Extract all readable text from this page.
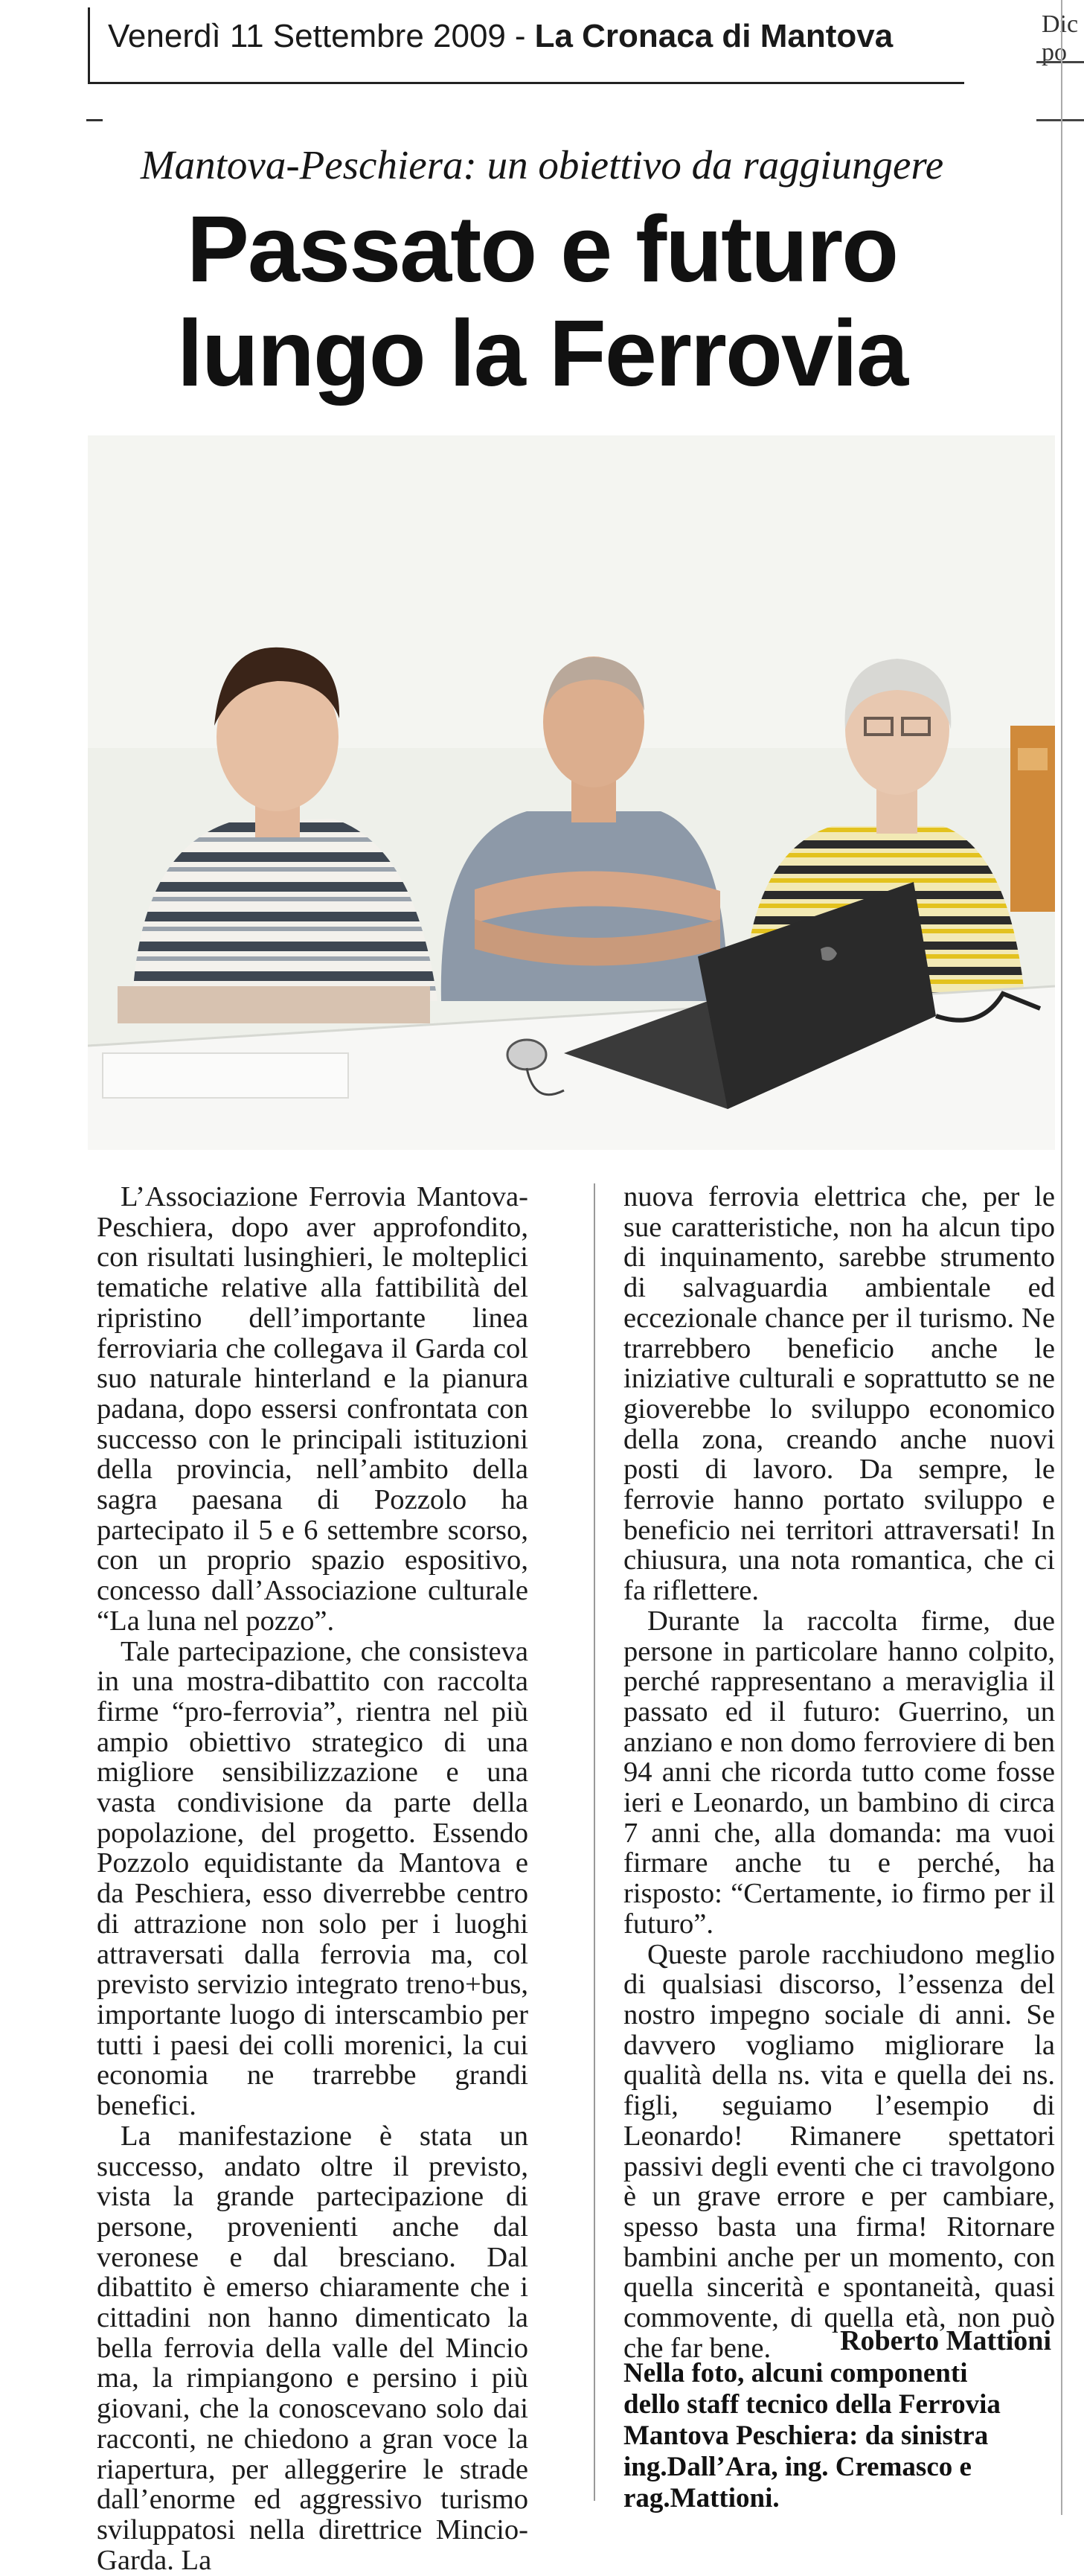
Venerdì 11 Settembre 2009 - La Cronaca di Mantova	Dic
po
Mantova-Peschiera: un obiettivo da raggiungere
Passato e futuro
lungo la Ferrovia

L’Associazione Ferrovia Mantova-Peschiera, dopo aver approfondito, con risultati lusinghieri, le molteplici tematiche relative alla fattibilità del ripristino dell’importante linea ferroviaria che collegava il Garda col suo naturale hinterland e la pianura padana, dopo essersi confrontata con successo con le principali istituzioni della provincia, nell’ambito della sagra paesana di Pozzolo ha partecipato il 5 e 6 settembre scorso, con un proprio spazio espositivo, concesso dall’Associazione culturale “La luna nel pozzo”.

Tale partecipazione, che consisteva in una mostra-dibattito con raccolta firme “pro-ferrovia”, rientra nel più ampio obiettivo strategico di una migliore sensibilizzazione e una vasta condivisione da parte della popolazione, del progetto. Essendo Pozzolo equidistante da Mantova e da Peschiera, esso diverrebbe centro di attrazione non solo per i luoghi attraversati dalla ferrovia ma, col previsto servizio integrato treno+bus, importante luogo di interscambio per tutti i paesi dei colli morenici, la cui economia ne trarrebbe grandi benefici.

La manifestazione è stata un successo, andato oltre il previsto, vista la grande partecipazione di persone, provenienti anche dal veronese e dal bresciano. Dal dibattito è emerso chiaramente che i cittadini non hanno dimenticato la bella ferrovia della valle del Mincio ma, la rimpiangono e persino i più giovani, che la conoscevano solo dai racconti, ne chiedono a gran voce la riapertura, per alleggerire le strade dall’enorme ed aggressivo turismo sviluppatosi nella direttrice Mincio-Garda. La

nuova ferrovia elettrica che, per le sue caratteristiche, non ha alcun tipo di inquinamento, sarebbe strumento di salvaguardia ambientale ed eccezionale chance per il turismo. Ne trarrebbero beneficio anche le iniziative culturali e soprattutto se ne gioverebbe lo sviluppo economico della zona, creando anche nuovi posti di lavoro. Da sempre, le ferrovie hanno portato sviluppo e beneficio nei territori attraversati! In chiusura, una nota romantica, che ci fa riflettere.

Durante la raccolta firme, due persone in particolare hanno colpito, perché rappresentano a meraviglia il passato ed il futuro: Guerrino, un anziano e non domo ferroviere di ben 94 anni che ricorda tutto come fosse ieri e Leonardo, un bambino di circa 7 anni che, alla domanda: ma vuoi firmare anche tu e perché, ha risposto: “Certamente, io firmo per il futuro”.

Queste parole racchiudono meglio di qualsiasi discorso, l’essenza del nostro impegno sociale di anni. Se davvero vogliamo migliorare la qualità della ns. vita e quella dei ns. figli, seguiamo l’esempio di Leonardo! Rimanere spettatori passivi degli eventi che ci travolgono è un grave errore e per cambiare, spesso basta una firma! Ritornare bambini anche per un momento, con quella sincerità e spontaneità, quasi commovente, di quella età, non può che far bene.	Roberto Mattioni
Nella foto, alcuni componenti
dello staff tecnico della Ferrovia
Mantova Peschiera: da sinistra
ing.Dall’Ara, ing. Cremasco e
rag.Mattioni.
